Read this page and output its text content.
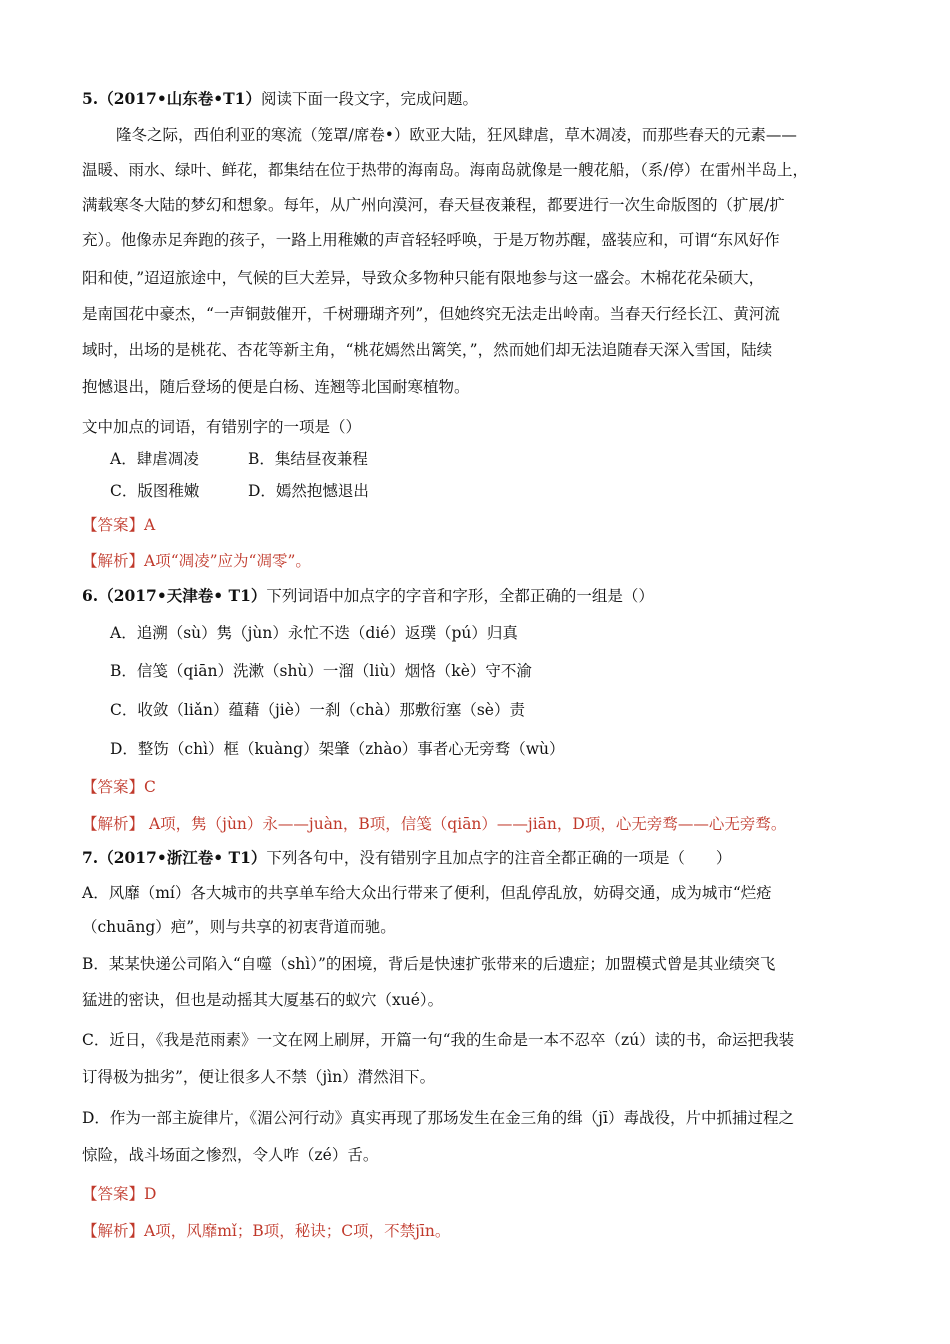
5.（2017•山东卷•T1）阅读下面一段文字，完成问题。
隆冬之际，西伯利亚的寒流（笼罩/席卷•）欧亚大陆，狂风肆虐，草木凋凌，而那些春天的元素——
温暖、雨水、绿叶、鲜花，都集结在位于热带的海南岛。海南岛就像是一艘花船，（系/停）在雷州半岛上，
满载寒冬大陆的梦幻和想象。每年，从广州向漠河，春天昼夜兼程，都要进行一次生命版图的（扩展/扩
充）。他像赤足奔跑的孩子，一路上用稚嫩的声音轻轻呼唤，于是万物苏醒，盛装应和，可谓“东风好作
阳和使，”迢迢旅途中，气候的巨大差异，导致众多物种只能有限地参与这一盛会。木棉花花朵硕大，
是南国花中豪杰，“一声铜鼓催开，千树珊瑚齐列”，但她终究无法走出岭南。当春天行经长江、黄河流
域时，出场的是桃花、杏花等新主角，“桃花嫣然出篱笑，”，然而她们却无法追随春天深入雪国，陆续
抱憾退出，随后登场的便是白杨、连翘等北国耐寒植物。
文中加点的词语，有错别字的一项是（）
A．肆虐凋凌	B．集结昼夜兼程
C．版图稚嫩	D．嫣然抱憾退出
【答案】A
【解析】A项“凋凌”应为“凋零”。
6.（2017•天津卷• T1）下列词语中加点字的字音和字形，全都正确的一组是（）
A．追溯（sù）隽（jùn）永忙不迭（dié）返璞（pú）归真
B．信笺（qiān）洗漱（shù）一溜（liù）烟恪（kè）守不渝
C．收敛（liǎn）蕴藉（jiè）一刹（chà）那敷衍塞（sè）责
D．整饬（chì）框（kuàng）架肇（zhào）事者心无旁骛（wù）
【答案】C
【解析】 A项，隽（jùn）永——juàn，B项，信笺（qiān）——jiān，D项，心无旁骛——心无旁骛。
7.（2017•浙江卷• T1）下列各句中，没有错别字且加点字的注音全都正确的一项是（　　）
A．风靡（mí）各大城市的共享单车给大众出行带来了便利，但乱停乱放，妨碍交通，成为城市“烂疮
（chuāng）疤”，则与共享的初衷背道而驰。
B．某某快递公司陷入“自噬（shì）”的困境，背后是快速扩张带来的后遗症；加盟模式曾是其业绩突飞
猛进的密诀，但也是动摇其大厦基石的蚁穴（xué）。
C．近日，《我是范雨素》一文在网上刷屏，开篇一句“我的生命是一本不忍卒（zú）读的书，命运把我装
订得极为拙劣”，便让很多人不禁（jìn）潸然泪下。
D．作为一部主旋律片，《湄公河行动》真实再现了那场发生在金三角的缉（jī）毒战役，片中抓捕过程之
惊险，战斗场面之惨烈，令人咋（zé）舌。
【答案】D
【解析】A项，风靡mǐ；B项，秘诀；C项，不禁jīn。
